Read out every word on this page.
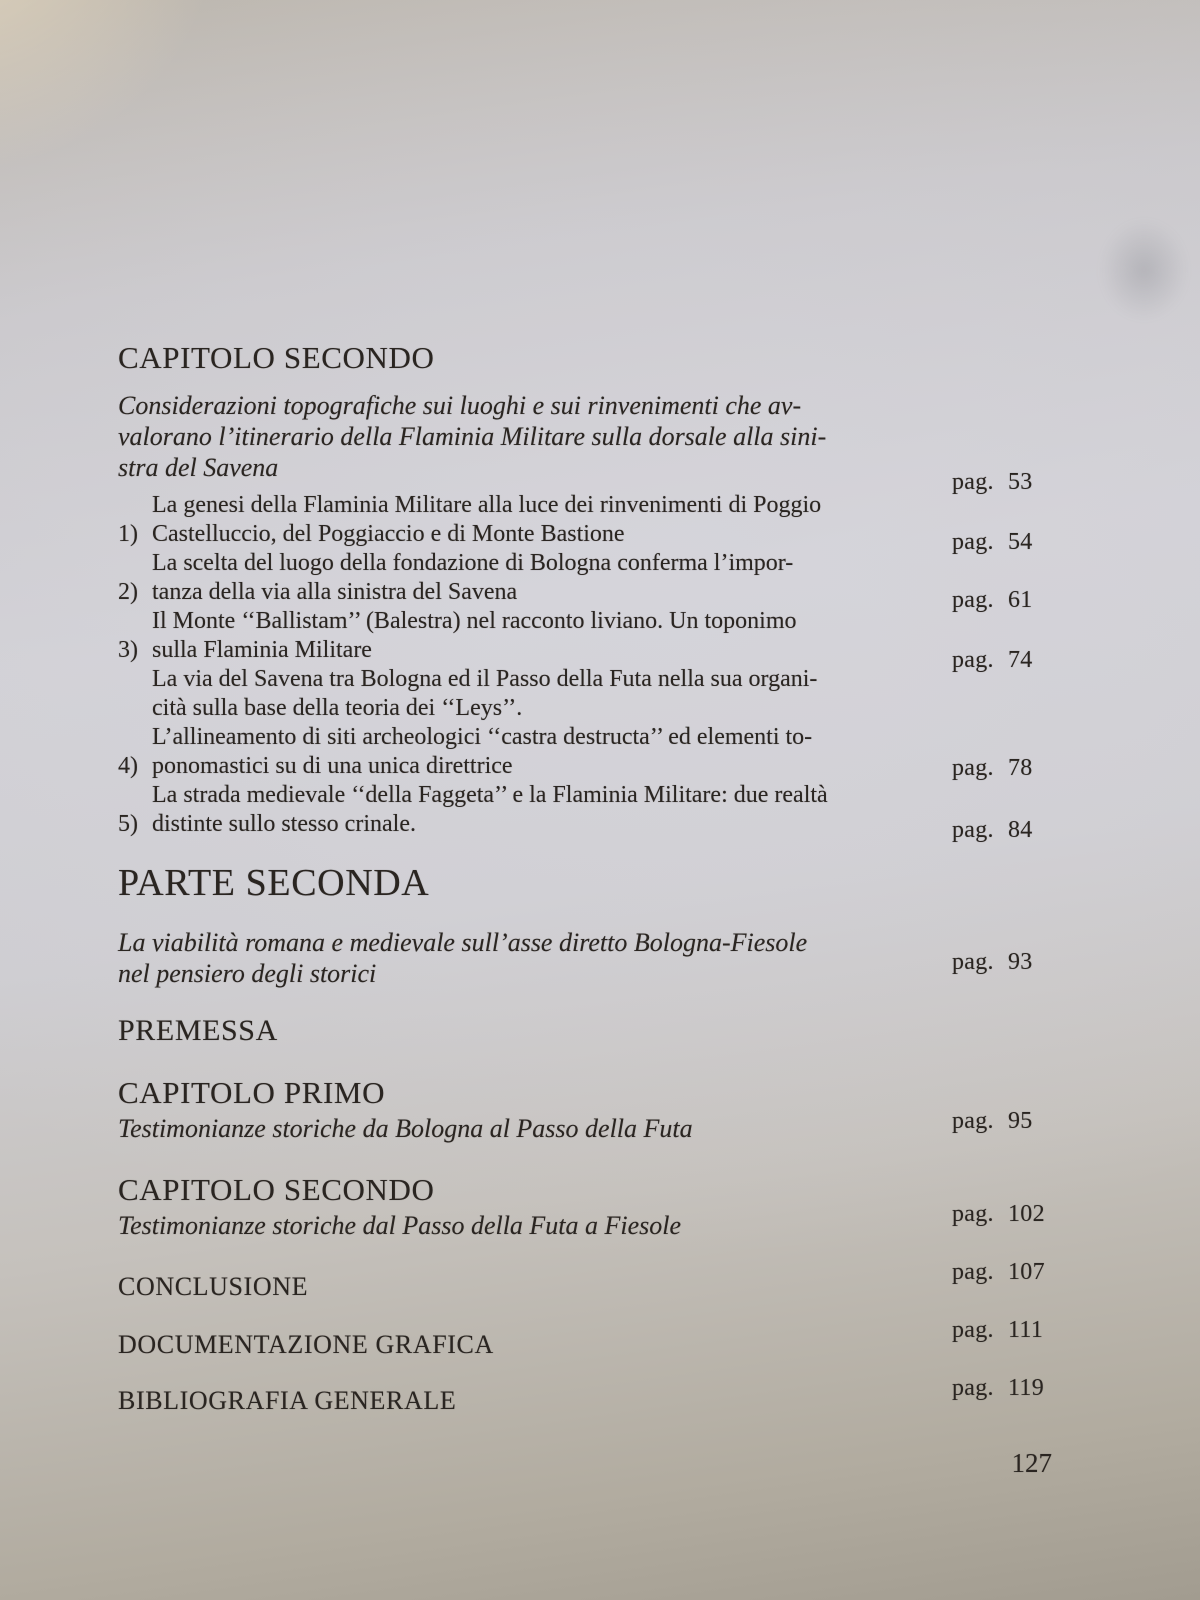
CAPITOLO SECONDO
Considerazioni topografiche sui luoghi e sui rinvenimenti che av-
valorano l’itinerario della Flaminia Militare sulla dorsale alla sini-
stra del Savena	pag. 53
1)
La genesi della Flaminia Militare alla luce dei rinvenimenti di Poggio
Castelluccio, del Poggiaccio e di Monte Bastione	pag. 54
2)
La scelta del luogo della fondazione di Bologna conferma l’impor-
tanza della via alla sinistra del Savena	pag. 61
3)
Il Monte ‘‘Ballistam’’ (Balestra) nel racconto liviano. Un toponimo
sulla Flaminia Militare	pag. 74
4)
La via del Savena tra Bologna ed il Passo della Futa nella sua organi-
cità sulla base della teoria dei ‘‘Leys’’.
L’allineamento di siti archeologici ‘‘castra destructa’’ ed elementi to-
ponomastici su di una unica direttrice	pag. 78
5)
La strada medievale ‘‘della Faggeta’’ e la Flaminia Militare: due realtà
distinte sullo stesso crinale.	pag. 84
PARTE SECONDA
La viabilità romana e medievale sull’asse diretto Bologna-Fiesole
nel pensiero degli storici	pag. 93
PREMESSA
CAPITOLO PRIMO
Testimonianze storiche da Bologna al Passo della Futa	pag. 95
CAPITOLO SECONDO
Testimonianze storiche dal Passo della Futa a Fiesole	pag. 102
CONCLUSIONE	pag. 107
DOCUMENTAZIONE GRAFICA	pag. 111
BIBLIOGRAFIA GENERALE	pag. 119
127
